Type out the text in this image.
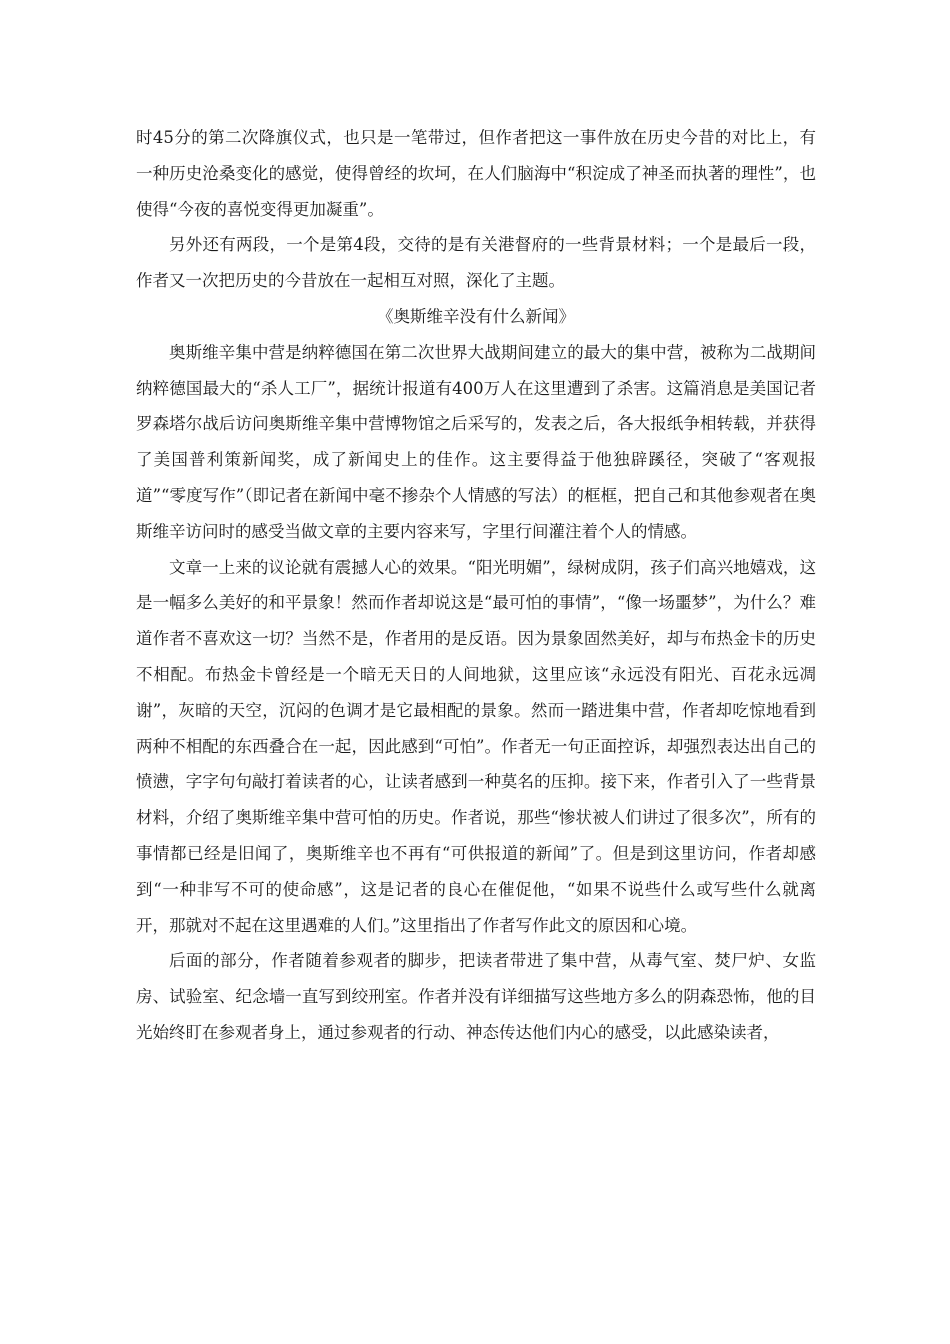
时45分的第二次降旗仪式，也只是一笔带过，但作者把这一事件放在历史今昔的对比上，有一种历史沧桑变化的感觉，使得曾经的坎坷，在人们脑海中“积淀成了神圣而执著的理性”，也使得“今夜的喜悦变得更加凝重”。

另外还有两段，一个是第4段，交待的是有关港督府的一些背景材料；一个是最后一段，作者又一次把历史的今昔放在一起相互对照，深化了主题。

《奥斯维辛没有什么新闻》

奥斯维辛集中营是纳粹德国在第二次世界大战期间建立的最大的集中营，被称为二战期间纳粹德国最大的“杀人工厂”，据统计报道有400万人在这里遭到了杀害。这篇消息是美国记者罗森塔尔战后访问奥斯维辛集中营博物馆之后采写的，发表之后，各大报纸争相转载，并获得了美国普利策新闻奖，成了新闻史上的佳作。这主要得益于他独辟蹊径，突破了“客观报道”“零度写作”（即记者在新闻中毫不掺杂个人情感的写法）的框框，把自己和其他参观者在奥斯维辛访问时的感受当做文章的主要内容来写，字里行间灌注着个人的情感。

文章一上来的议论就有震撼人心的效果。“阳光明媚”，绿树成阴，孩子们高兴地嬉戏，这是一幅多么美好的和平景象！然而作者却说这是“最可怕的事情”，“像一场噩梦”，为什么？难道作者不喜欢这一切？当然不是，作者用的是反语。因为景象固然美好，却与布热金卡的历史不相配。布热金卡曾经是一个暗无天日的人间地狱，这里应该“永远没有阳光、百花永远凋谢”，灰暗的天空，沉闷的色调才是它最相配的景象。然而一踏进集中营，作者却吃惊地看到两种不相配的东西叠合在一起，因此感到“可怕”。作者无一句正面控诉，却强烈表达出自己的愤懑，字字句句敲打着读者的心，让读者感到一种莫名的压抑。接下来，作者引入了一些背景材料，介绍了奥斯维辛集中营可怕的历史。作者说，那些“惨状被人们讲过了很多次”，所有的事情都已经是旧闻了，奥斯维辛也不再有“可供报道的新闻”了。但是到这里访问，作者却感到“一种非写不可的使命感”，这是记者的良心在催促他，“如果不说些什么或写些什么就离开，那就对不起在这里遇难的人们。”这里指出了作者写作此文的原因和心境。

后面的部分，作者随着参观者的脚步，把读者带进了集中营，从毒气室、焚尸炉、女监房、试验室、纪念墙一直写到绞刑室。作者并没有详细描写这些地方多么的阴森恐怖，他的目光始终盯在参观者身上，通过参观者的行动、神态传达他们内心的感受，以此感染读者，
